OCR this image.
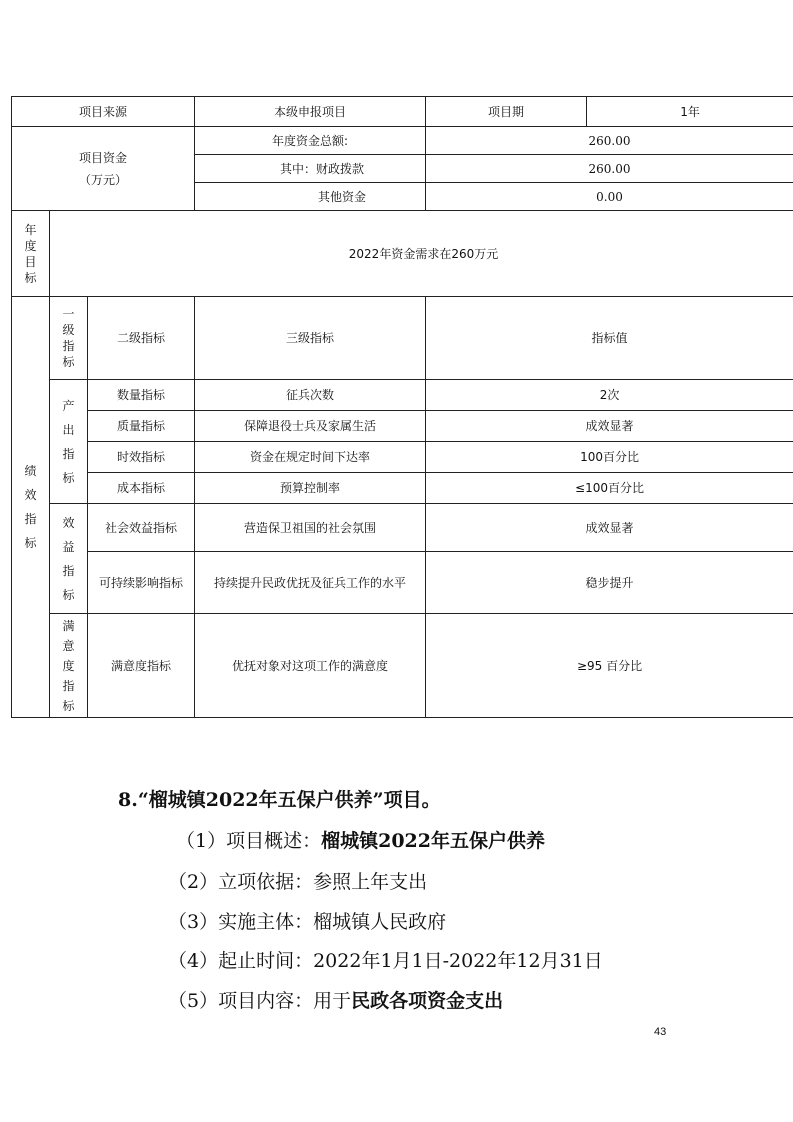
项目来源			本级申报项目	项目期	1年
项目资金
（万元）			年度资金总额:	260.00	
			其中：财政拨款	260.00	
			其他资金	0.00	
年
度
目
标	2022年资金需求在260万元				
绩
效
指
标	一
级
指
标	二级指标	三级指标	指标值	
	产
出
指
标	数量指标	征兵次数	2次	
		质量指标	保障退役士兵及家属生活	成效显著	
		时效指标	资金在规定时间下达率	100百分比	
		成本指标	预算控制率	≤100百分比	
	效
益
指
标	社会效益指标	营造保卫祖国的社会氛围	成效显著	
		可持续影响指标	持续提升民政优抚及征兵工作的水平	稳步提升	
	满
意
度
指
标	满意度指标	优抚对象对这项工作的满意度	≥95 百分比	
8.“榴城镇2022年五保户供养”项目。
（1）项目概述：榴城镇2022年五保户供养
（2）立项依据：参照上年支出
（3）实施主体：榴城镇人民政府
（4）起止时间：2022年1月1日-2022年12月31日
（5）项目内容：用于民政各项资金支出
43
